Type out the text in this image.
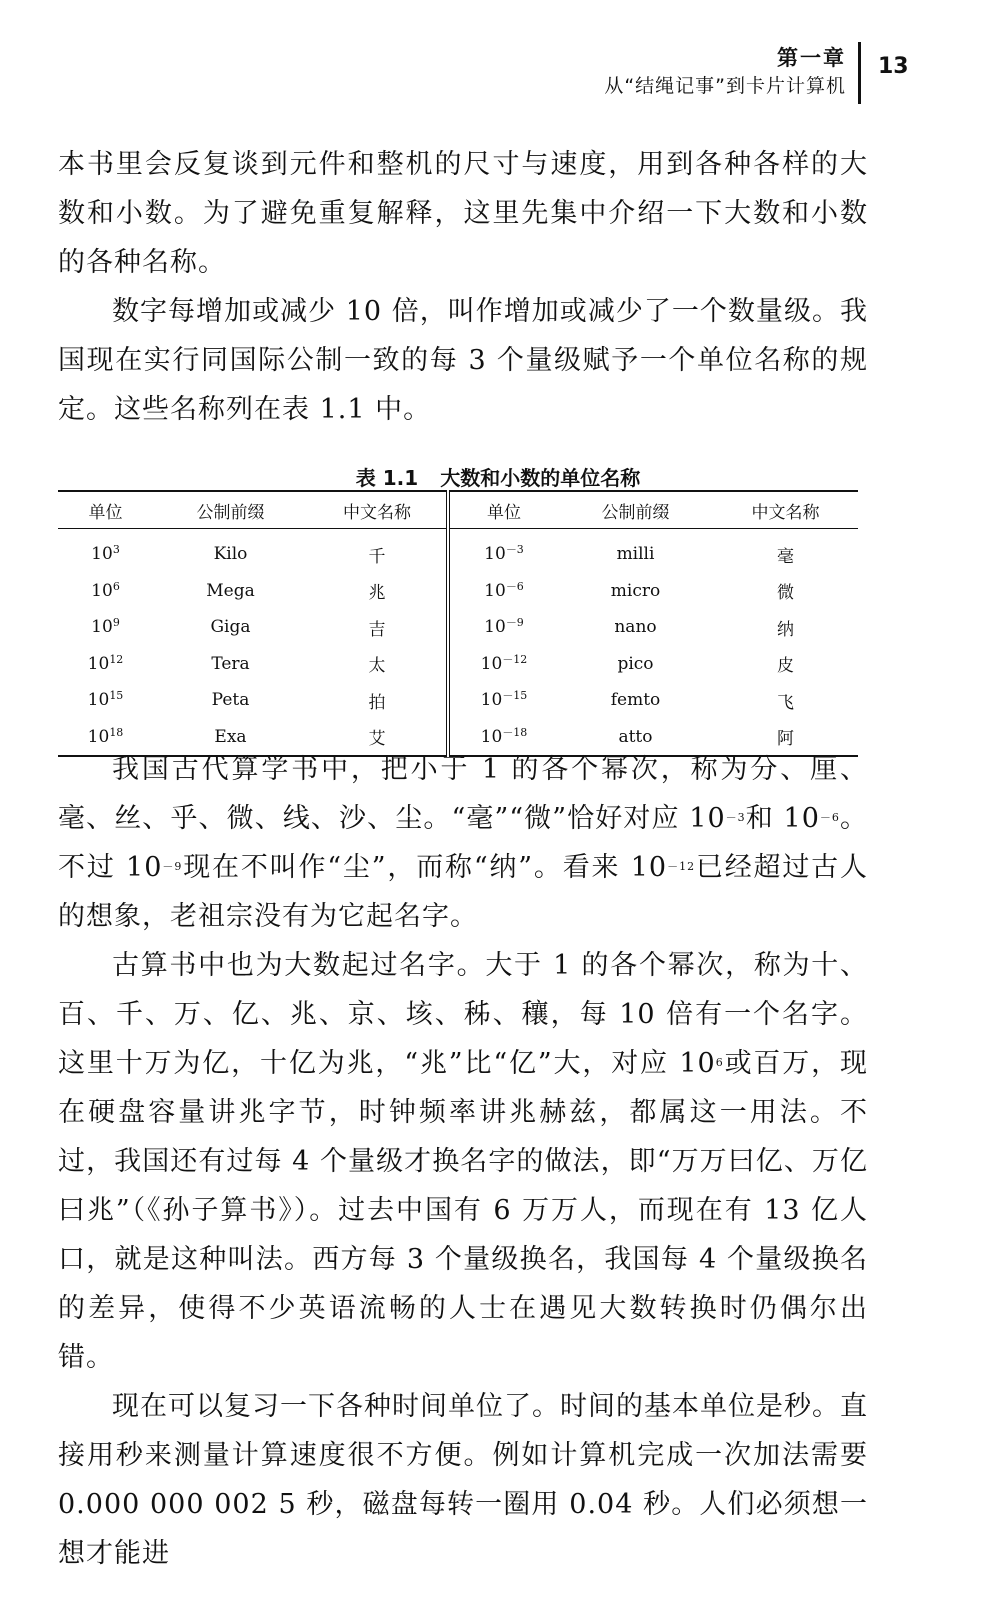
第一章
从“结绳记事”到卡片计算机
13

本书里会反复谈到元件和整机的尺寸与速度，用到各种各样的大数和小数。为了避免重复解释，这里先集中介绍一下大数和小数的各种名称。

数字每增加或减少 10 倍，叫作增加或减少了一个数量级。我国现在实行同国际公制一致的每 3 个量级赋予一个单位名称的规定。这些名称列在表 1.1 中。

表 1.1 大数和小数的单位名称
单位	公制前缀	中文名称	单位	公制前缀	中文名称
$10^3$	Kilo	千	$10^{-3}$	milli	毫
$10^6$	Mega	兆	$10^{-6}$	micro	微
$10^9$	Giga	吉	$10^{-9}$	nano	纳
$10^{12}$	Tera	太	$10^{-12}$	pico	皮
$10^{15}$	Peta	拍	$10^{-15}$	femto	飞
$10^{18}$	Exa	艾	$10^{-18}$	atto	阿

我国古代算学书中，把小于 1 的各个幂次，称为分、厘、毫、丝、乎、微、线、沙、尘。“毫”“微”恰好对应 $10^{-3}$和 $10^{-6}$。不过 $10^{-9}$现在不叫作“尘”，而称“纳”。看来 $10^{-12}$已经超过古人的想象，老祖宗没有为它起名字。

古算书中也为大数起过名字。大于 1 的各个幂次，称为十、百、千、万、亿、兆、京、垓、秭、穰，每 10 倍有一个名字。这里十万为亿，十亿为兆，“兆”比“亿”大，对应 $10^6$或百万，现在硬盘容量讲兆字节，时钟频率讲兆赫兹，都属这一用法。不过，我国还有过每 4 个量级才换名字的做法，即“万万曰亿、万亿曰兆”（《孙子算书》）。过去中国有 6 万万人，而现在有 13 亿人口，就是这种叫法。西方每 3 个量级换名，我国每 4 个量级换名的差异，使得不少英语流畅的人士在遇见大数转换时仍偶尔出错。

现在可以复习一下各种时间单位了。时间的基本单位是秒。直接用秒来测量计算速度很不方便。例如计算机完成一次加法需要 0.000 000 002 5 秒，磁盘每转一圈用 0.04 秒。人们必须想一想才能进
